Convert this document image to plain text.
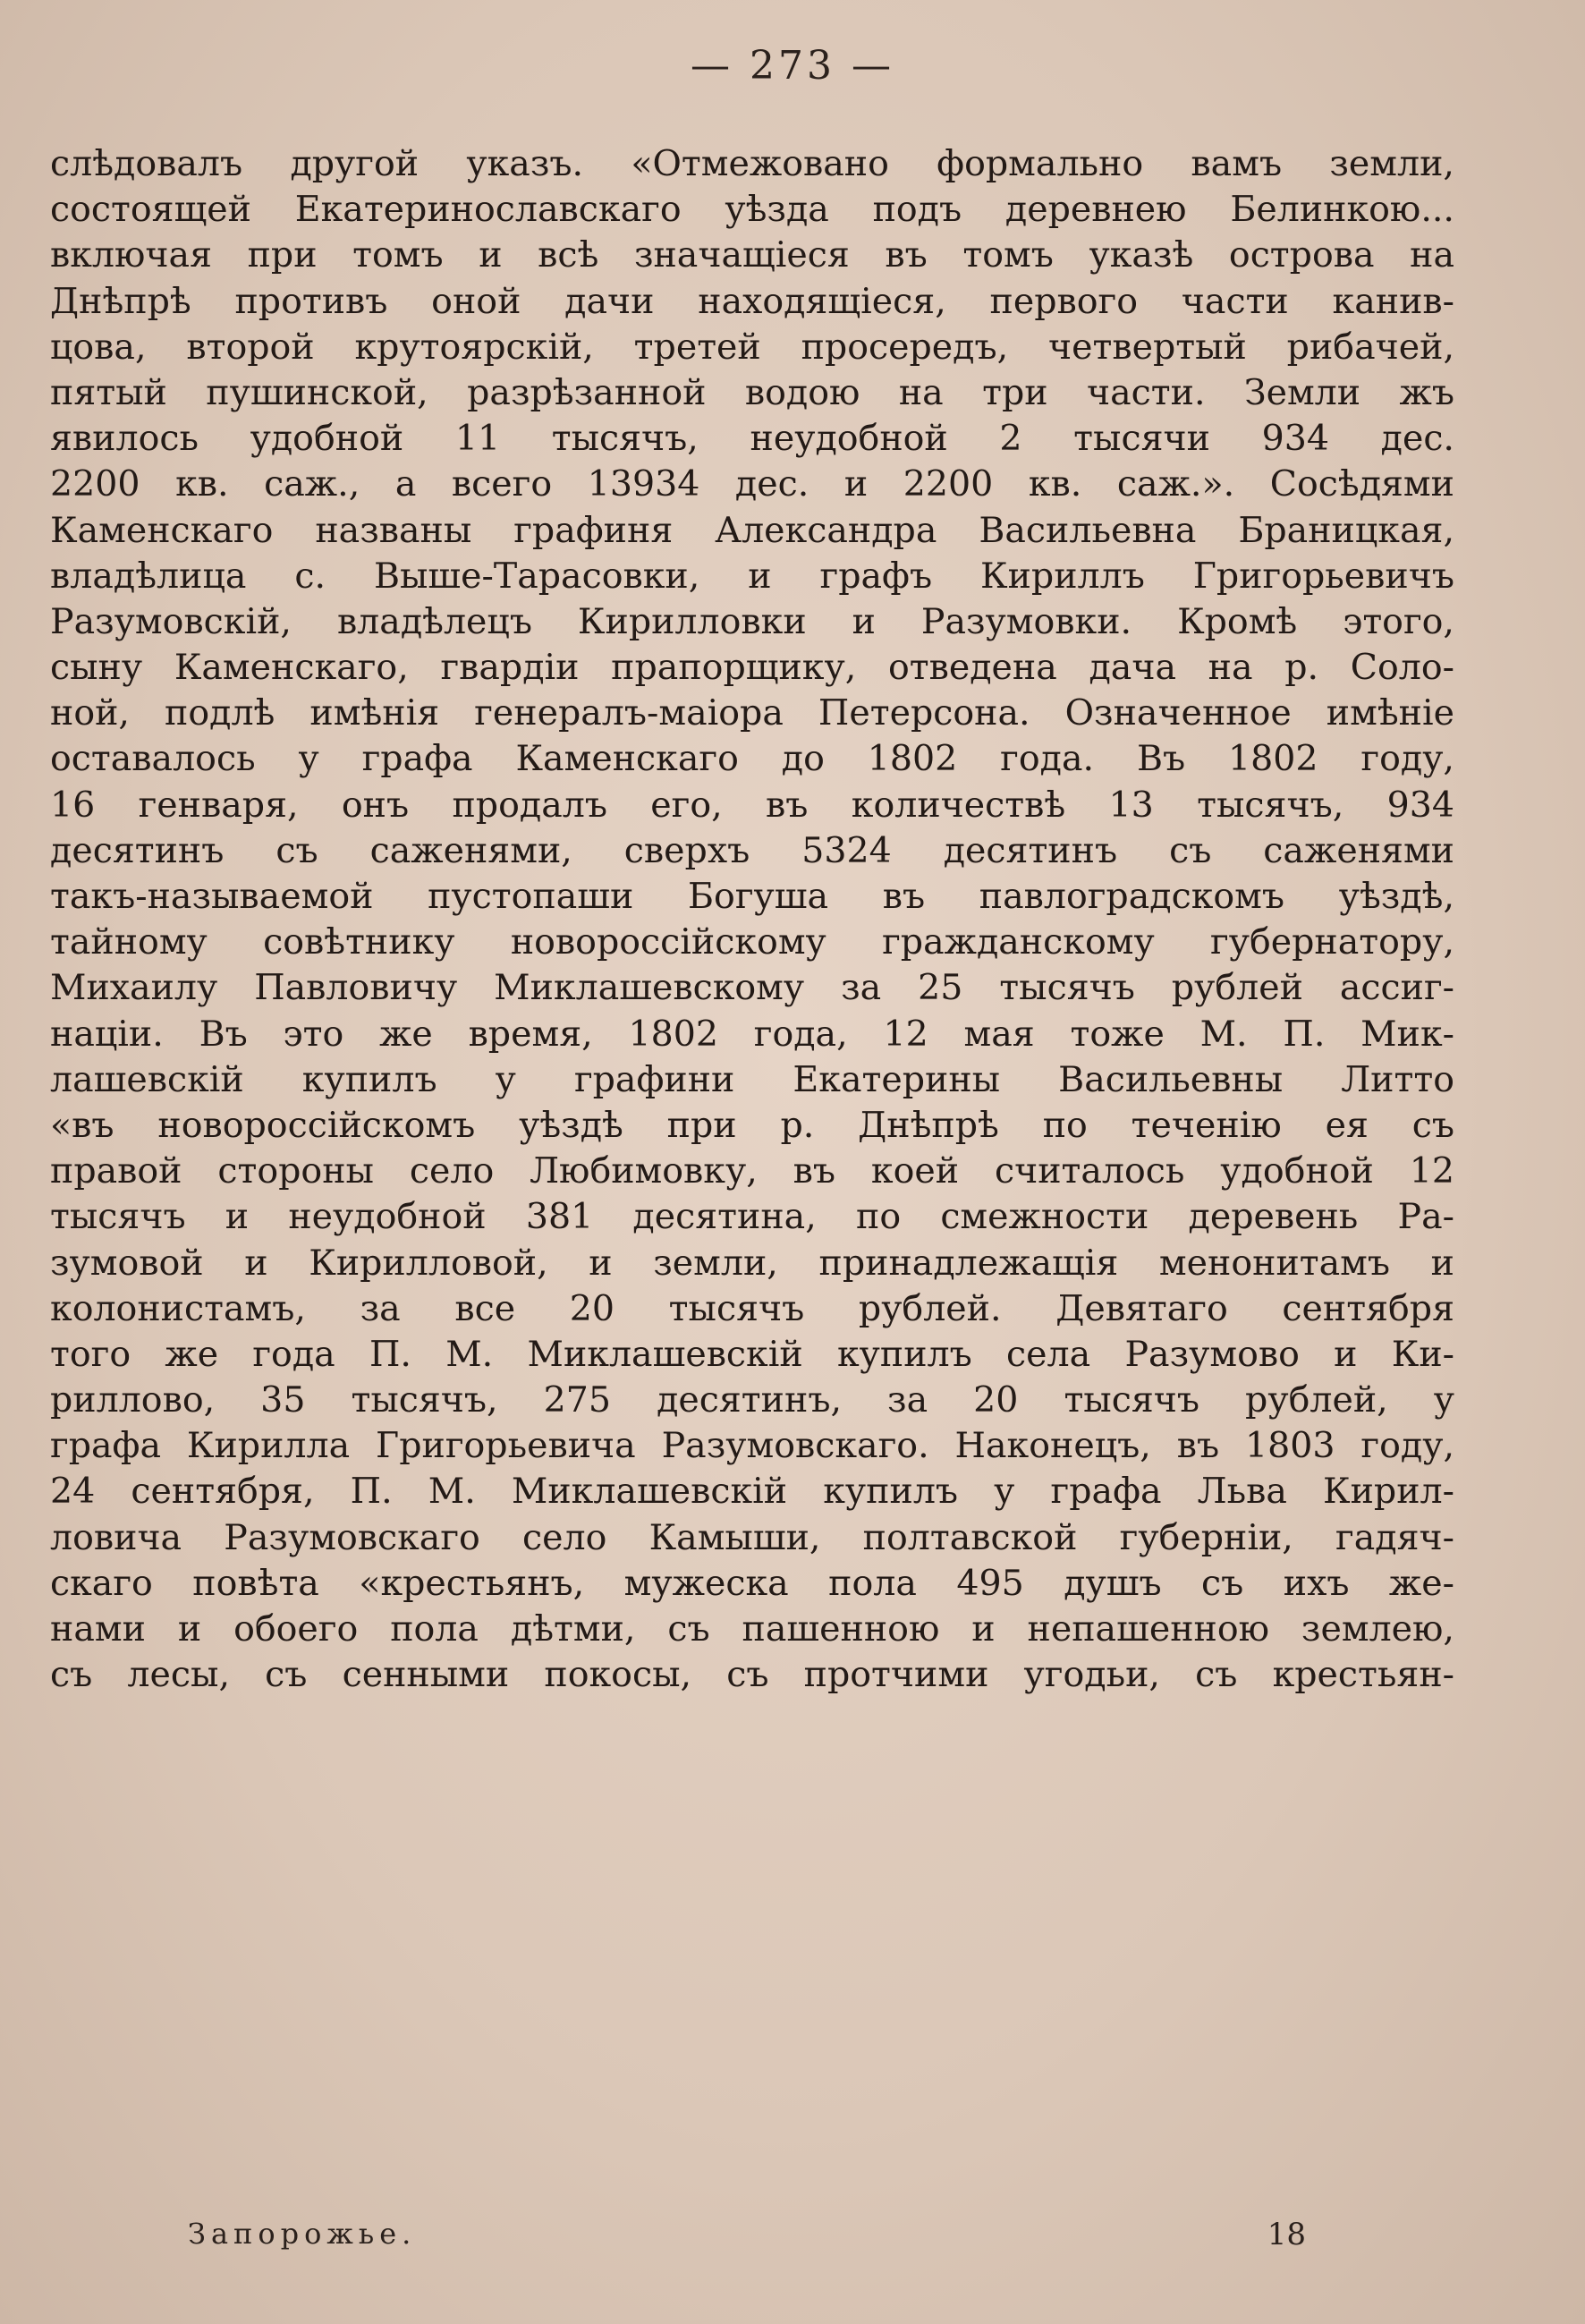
— 273 —
слѣдовалъ другой указъ. «Отмежовано формально вамъ земли,
состоящей Екатеринославскаго уѣзда подъ деревнею Белинкою...
включая при томъ и всѣ значащіеся въ томъ указѣ острова на
Днѣпрѣ противъ оной дачи находящіеся, первого части канив-
цова, второй крутоярскій, третей просередъ, четвертый рибачей,
пятый пушинской, разрѣзанной водою на три части. Земли жъ
явилось удобной 11 тысячъ, неудобной 2 тысячи 934 дес.
2200 кв. саж., а всего 13934 дес. и 2200 кв. саж.». Сосѣдями
Каменскаго названы графиня Александра Васильевна Браницкая,
владѣлица с. Выше-Тарасовки, и графъ Кириллъ Григорьевичъ
Разумовскій, владѣлецъ Кирилловки и Разумовки. Кромѣ этого,
сыну Каменскаго, гвардіи прапорщику, отведена дача на р. Соло-
ной, подлѣ имѣнія генералъ-маіора Петерсона. Означенное имѣніе
оставалось у графа Каменскаго до 1802 года. Въ 1802 году,
16 генваря, онъ продалъ его, въ количествѣ 13 тысячъ, 934
десятинъ съ саженями, сверхъ 5324 десятинъ съ саженями
такъ-называемой пустопаши Богуша въ павлоградскомъ уѣздѣ,
тайному совѣтнику новороссійскому гражданскому губернатору,
Михаилу Павловичу Миклашевскому за 25 тысячъ рублей ассиг-
націи. Въ это же время, 1802 года, 12 мая тоже М. П. Мик-
лашевскій купилъ у графини Екатерины Васильевны Литто
«въ новороссійскомъ уѣздѣ при р. Днѣпрѣ по теченію ея съ
правой стороны село Любимовку, въ коей считалось удобной 12
тысячъ и неудобной 381 десятина, по смежности деревень Ра-
зумовой и Кирилловой, и земли, принадлежащія менонитамъ и
колонистамъ, за все 20 тысячъ рублей. Девятаго сентября
того же года П. М. Миклашевскій купилъ села Разумово и Ки-
риллово, 35 тысячъ, 275 десятинъ, за 20 тысячъ рублей, у
графа Кирилла Григорьевича Разумовскаго. Наконецъ, въ 1803 году,
24 сентября, П. М. Миклашевскій купилъ у графа Льва Кирил-
ловича Разумовскаго село Камыши, полтавской губерніи, гадяч-
скаго повѣта «крестьянъ, мужеска пола 495 душъ съ ихъ же-
нами и обоего пола дѣтми, съ пашенною и непашенною землею,
съ лесы, съ сенными покосы, съ протчими угодьи, съ крестьян-
Запорожье.	18
